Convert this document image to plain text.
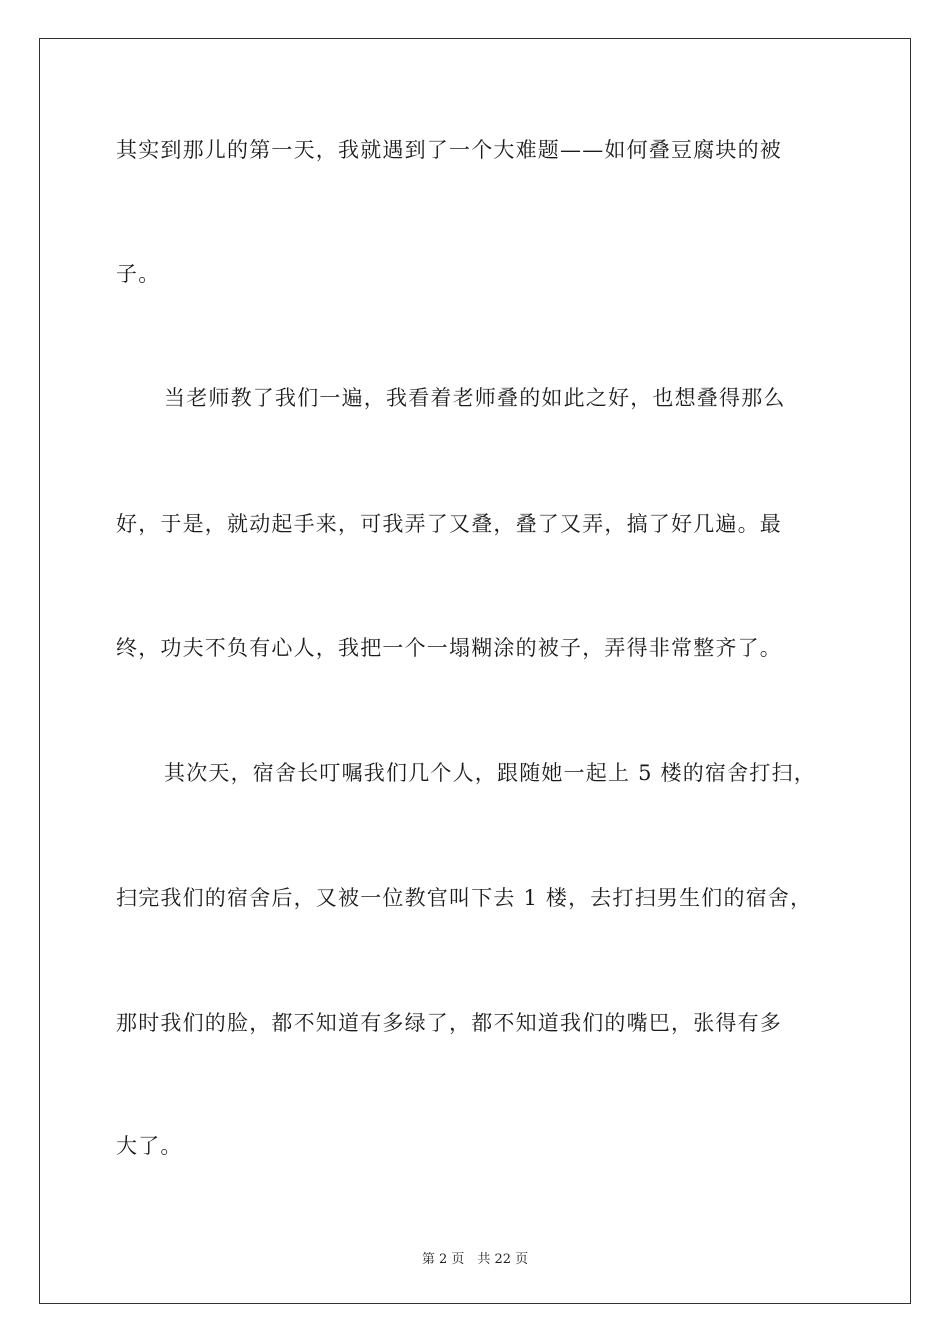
其实到那儿的第一天，我就遇到了一个大难题——如何叠豆腐块的被
子。
当老师教了我们一遍，我看着老师叠的如此之好，也想叠得那么
好，于是，就动起手来，可我弄了又叠，叠了又弄，搞了好几遍。最
终，功夫不负有心人，我把一个一塌糊涂的被子，弄得非常整齐了。
其次天，宿舍长叮嘱我们几个人，跟随她一起上 5 楼的宿舍打扫，
扫完我们的宿舍后，又被一位教官叫下去 1 楼，去打扫男生们的宿舍，
那时我们的脸，都不知道有多绿了，都不知道我们的嘴巴，张得有多
大了。
第 2 页　共 22 页
